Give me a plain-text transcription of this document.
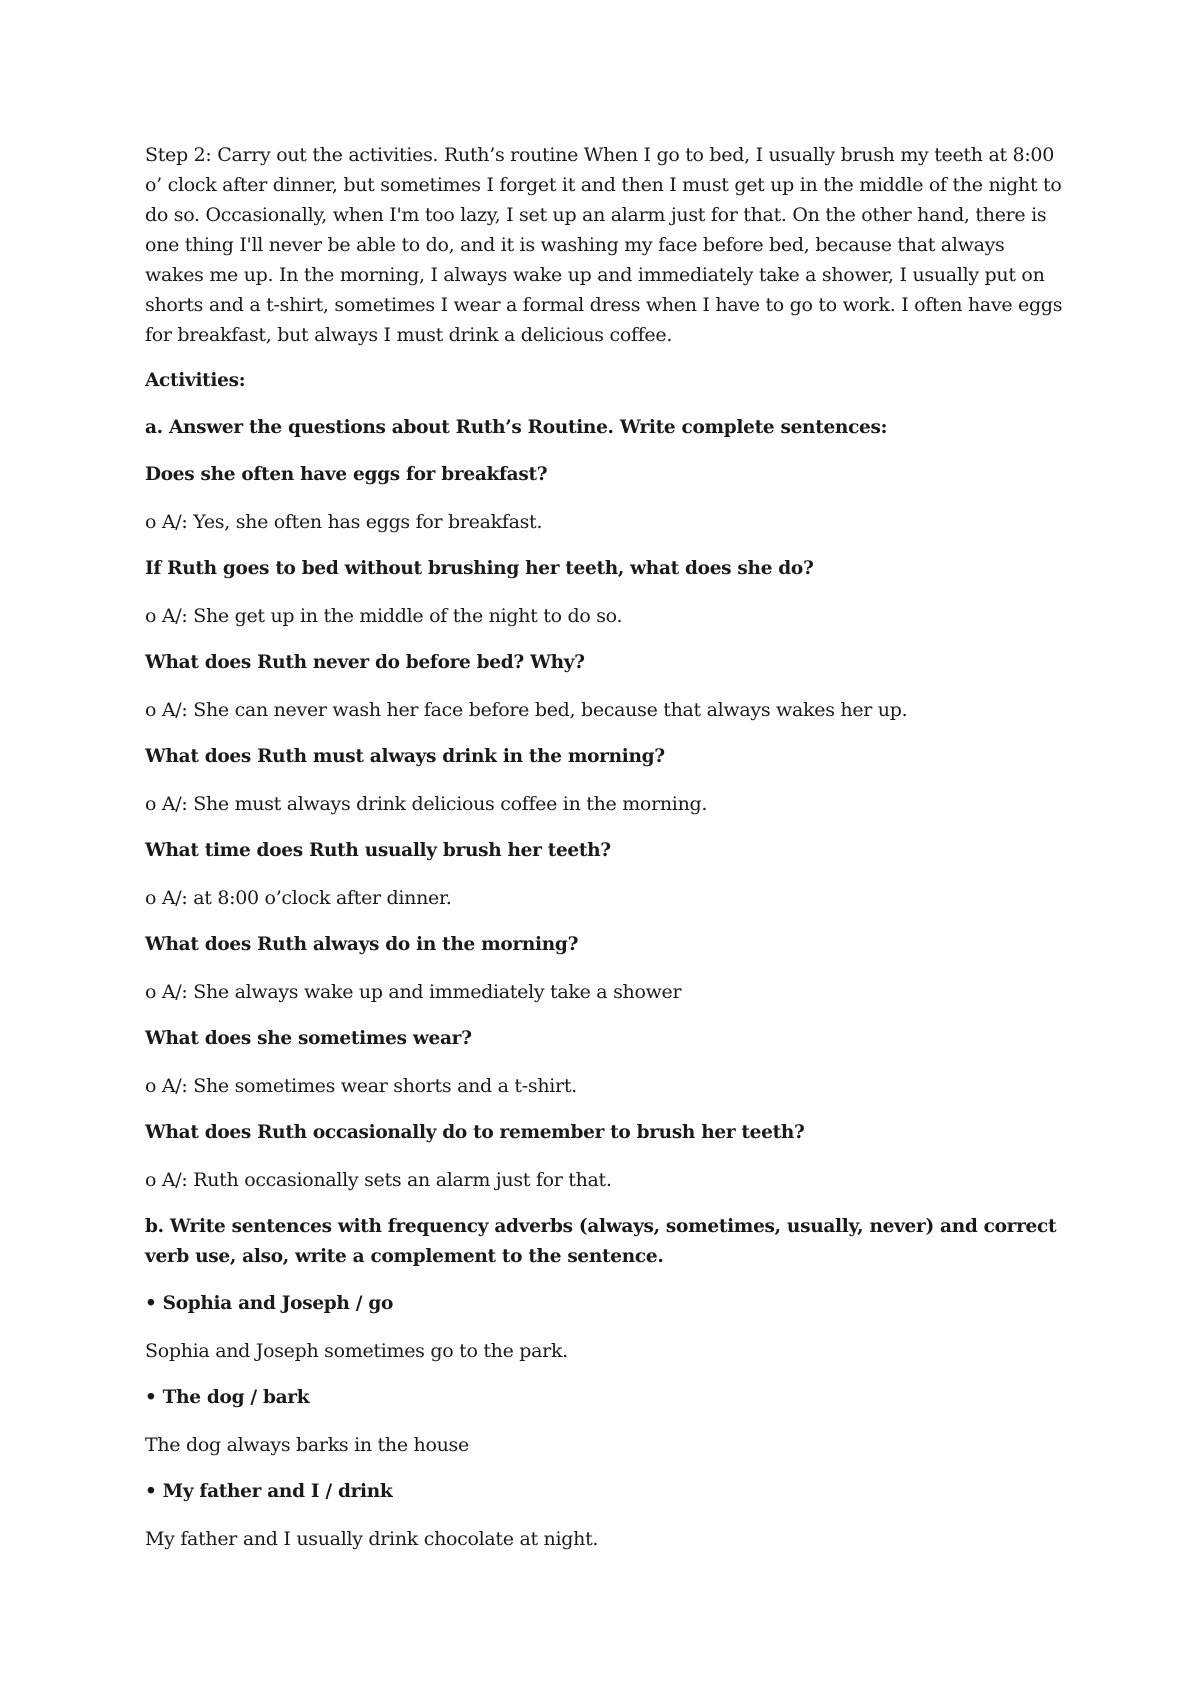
Step 2: Carry out the activities. Ruth’s routine When I go to bed, I usually brush my teeth at 8:00 o’ clock after dinner, but sometimes I forget it and then I must get up in the middle of the night to do so. Occasionally, when I'm too lazy, I set up an alarm just for that. On the other hand, there is one thing I'll never be able to do, and it is washing my face before bed, because that always wakes me up. In the morning, I always wake up and immediately take a shower, I usually put on shorts and a t-shirt, sometimes I wear a formal dress when I have to go to work. I often have eggs for breakfast, but always I must drink a delicious coffee.

Activities:

a. Answer the questions about Ruth’s Routine. Write complete sentences:

Does she often have eggs for breakfast?

o A/: Yes, she often has eggs for breakfast.

If Ruth goes to bed without brushing her teeth, what does she do?

o A/: She get up in the middle of the night to do so.

What does Ruth never do before bed? Why?

o A/: She can never wash her face before bed, because that always wakes her up.

What does Ruth must always drink in the morning?

o A/: She must always drink delicious coffee in the morning.

What time does Ruth usually brush her teeth?

o A/: at 8:00 o’clock after dinner.

What does Ruth always do in the morning?

o A/: She always wake up and immediately take a shower

What does she sometimes wear?

o A/: She sometimes wear shorts and a t-shirt.

What does Ruth occasionally do to remember to brush her teeth?

o A/: Ruth occasionally sets an alarm just for that.

b. Write sentences with frequency adverbs (always, sometimes, usually, never) and correct verb use, also, write a complement to the sentence.

• Sophia and Joseph / go

Sophia and Joseph sometimes go to the park.

• The dog / bark

The dog always barks in the house

• My father and I / drink

My father and I usually drink chocolate at night.
